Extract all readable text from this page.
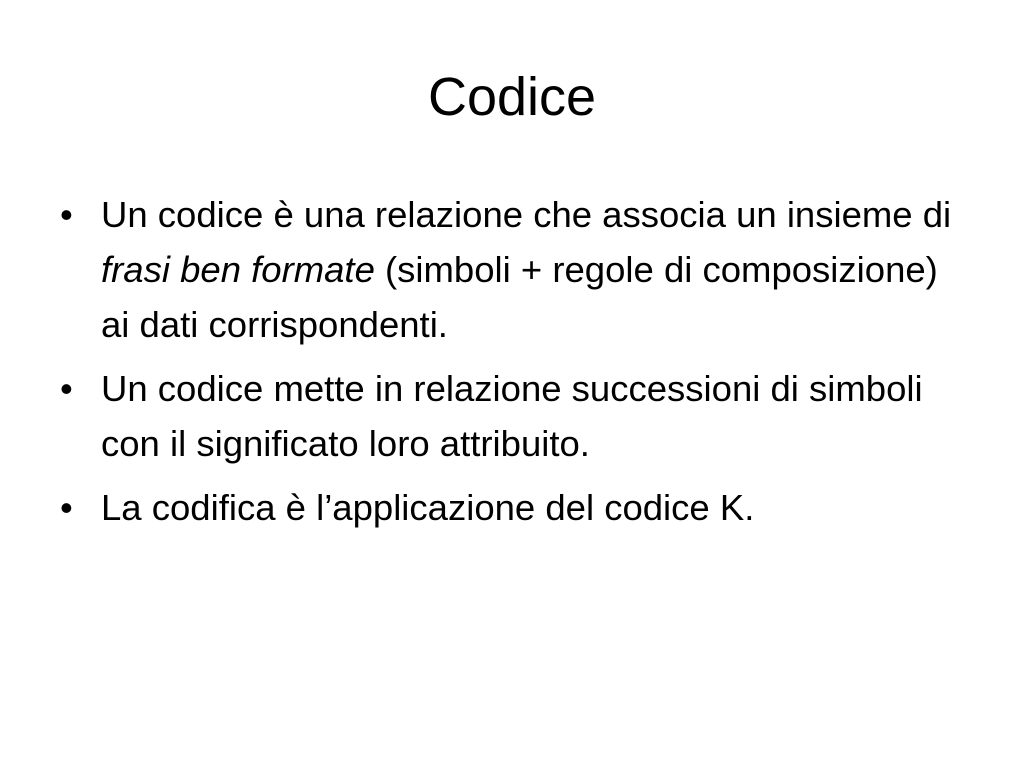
Codice
• Un codice è una relazione che associa un insieme di frasi ben formate (simboli + regole di composizione) ai dati corrispondenti.
• Un codice mette in relazione successioni di simboli con il significato loro attribuito.
• La codifica è l’applicazione del codice K.
